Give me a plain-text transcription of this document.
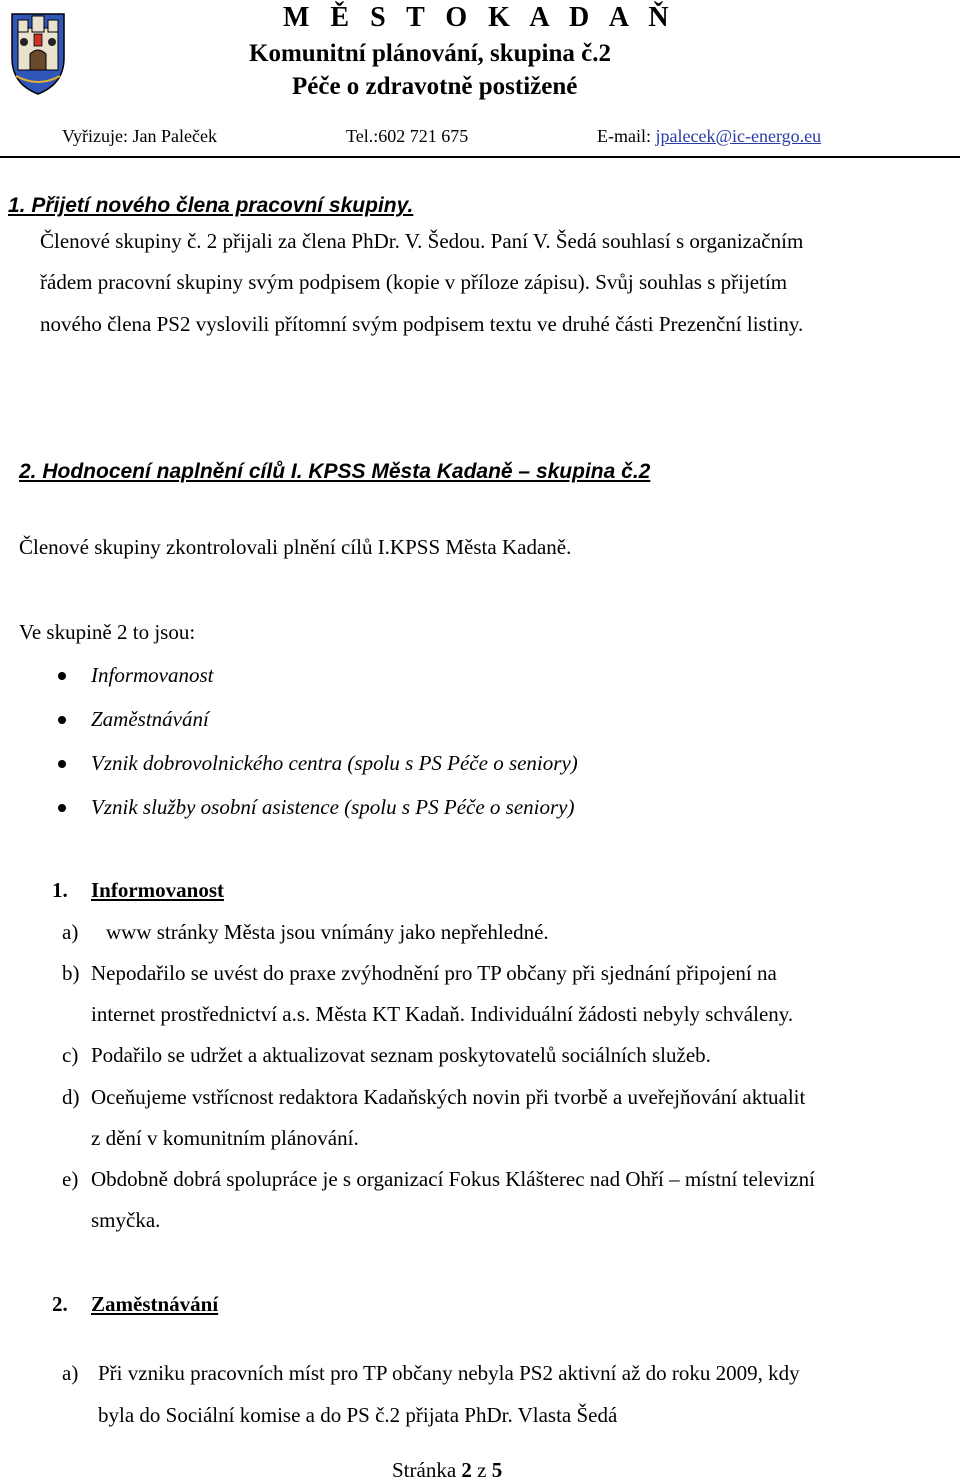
M Ě S T O K A D A Ň
Komunitní plánování, skupina č.2
Péče o zdravotně postižené
Vyřizuje: Jan Paleček	Tel.:602 721 675	E-mail: jpalecek@ic-energo.eu
1. Přijetí nového člena pracovní skupiny.
Členové skupiny č. 2 přijali za člena PhDr. V. Šedou. Paní V. Šedá souhlasí s organizačním
řádem pracovní skupiny svým podpisem (kopie v příloze zápisu). Svůj souhlas s přijetím
nového člena PS2 vyslovili přítomní svým podpisem textu ve druhé části Prezenční listiny.
2. Hodnocení naplnění cílů I. KPSS Města Kadaně – skupina č.2
Členové skupiny zkontrolovali plnění cílů I.KPSS Města Kadaně.
Ve skupině 2 to jsou:
Informovanost
Zaměstnávání
Vznik dobrovolnického centra (spolu s PS Péče o seniory)
Vznik služby osobní asistence (spolu s PS Péče o seniory)
1. Informovanost
a) www stránky Města jsou vnímány jako nepřehledné.
b) Nepodařilo se uvést do praxe zvýhodnění pro TP občany při sjednání připojení na
internet prostřednictví a.s. Města KT Kadaň. Individuální žádosti nebyly schváleny.
c) Podařilo se udržet a aktualizovat seznam poskytovatelů sociálních služeb.
d) Oceňujeme vstřícnost redaktora Kadaňských novin při tvorbě a uveřejňování aktualit
z dění v komunitním plánování.
e) Obdobně dobrá spolupráce je s organizací Fokus Klášterec nad Ohří – místní televizní
smyčka.
2. Zaměstnávání
a) Při vzniku pracovních míst pro TP občany nebyla PS2 aktivní až do roku 2009, kdy
byla do Sociální komise a do PS č.2 přijata PhDr. Vlasta Šedá
Stránka 2 z 5
